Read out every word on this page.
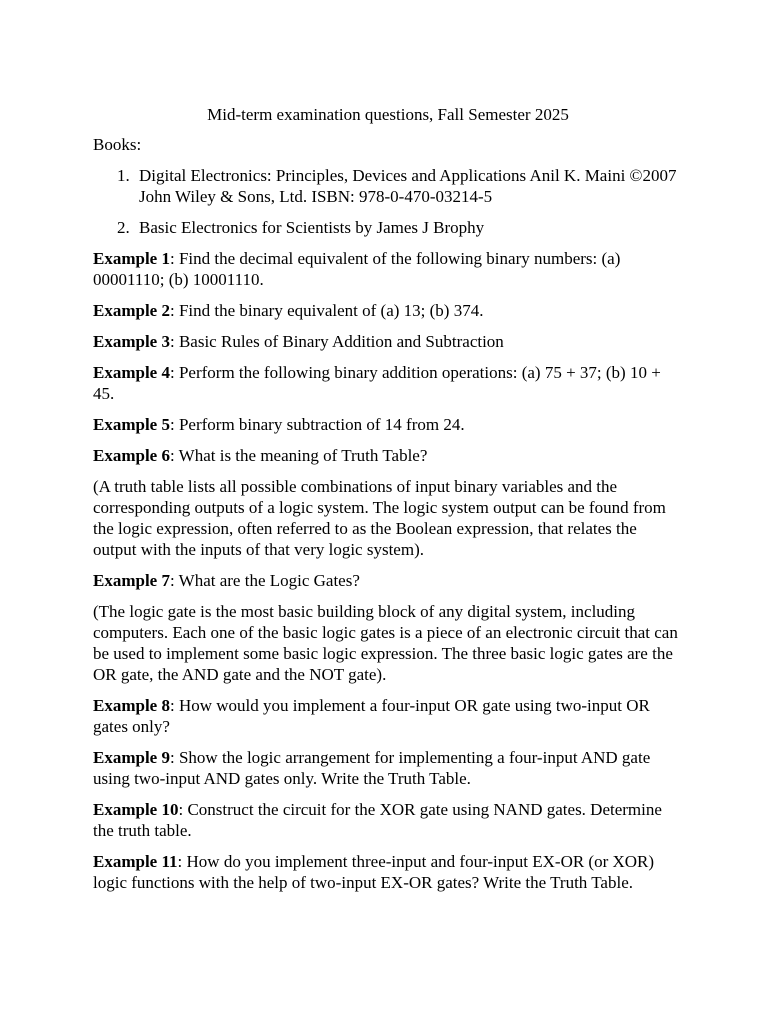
Mid-term examination questions, Fall Semester 2025

Books:

1. Digital Electronics: Principles, Devices and Applications Anil K. Maini ©2007 John Wiley & Sons, Ltd. ISBN: 978-0-470-03214-5
2. Basic Electronics for Scientists by James J Brophy

Example 1: Find the decimal equivalent of the following binary numbers: (a) 00001110; (b) 10001110.

Example 2: Find the binary equivalent of (a) 13; (b) 374.

Example 3: Basic Rules of Binary Addition and Subtraction

Example 4: Perform the following binary addition operations: (a) 75 + 37; (b) 10 + 45.

Example 5: Perform binary subtraction of 14 from 24.

Example 6: What is the meaning of Truth Table?

(A truth table lists all possible combinations of input binary variables and the corresponding outputs of a logic system. The logic system output can be found from the logic expression, often referred to as the Boolean expression, that relates the output with the inputs of that very logic system).

Example 7: What are the Logic Gates?

(The logic gate is the most basic building block of any digital system, including computers. Each one of the basic logic gates is a piece of an electronic circuit that can be used to implement some basic logic expression. The three basic logic gates are the OR gate, the AND gate and the NOT gate).

Example 8: How would you implement a four-input OR gate using two-input OR gates only?

Example 9: Show the logic arrangement for implementing a four-input AND gate using two-input AND gates only. Write the Truth Table.

Example 10: Construct the circuit for the XOR gate using NAND gates. Determine the truth table.

Example 11: How do you implement three-input and four-input EX-OR (or XOR) logic functions with the help of two-input EX-OR gates? Write the Truth Table.
